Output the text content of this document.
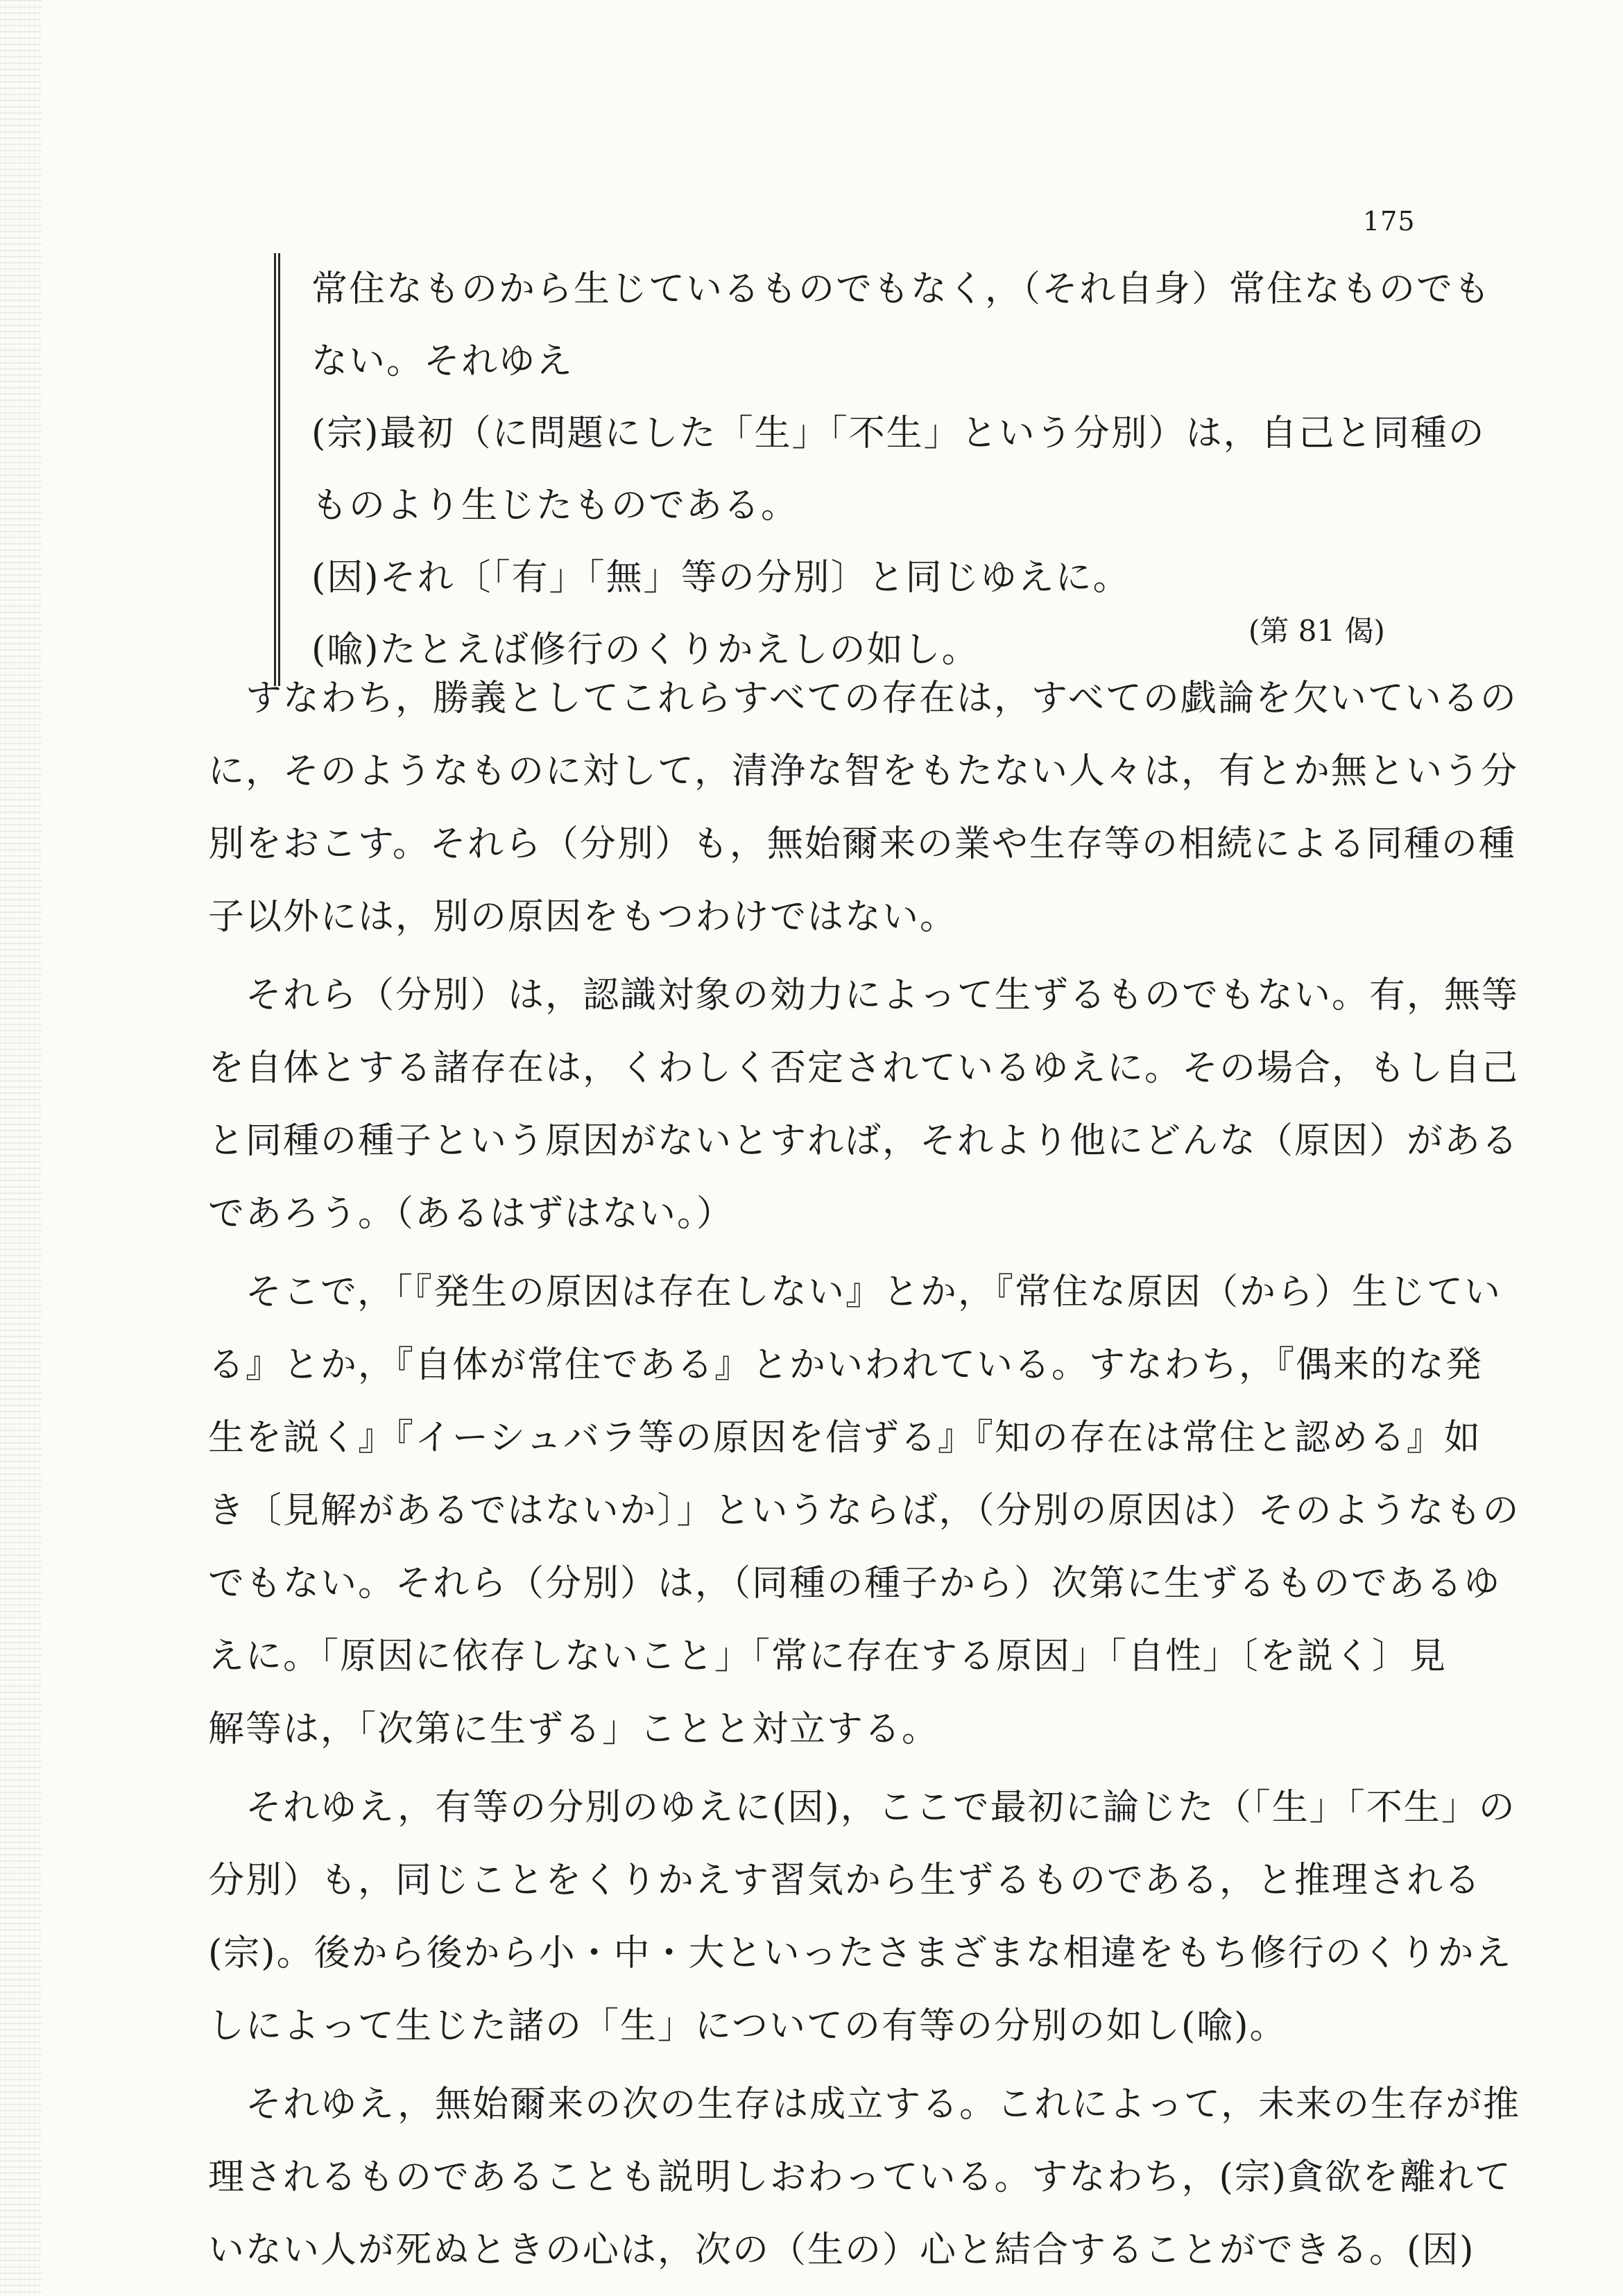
175
常住なものから生じているものでもなく，（それ自身）常住なものでも
ない。それゆえ
(宗)最初（に問題にした「生」「不生」という分別）は，自己と同種の
ものより生じたものである。
(因)それ〔「有」「無」等の分別〕と同じゆえに。
(喩)たとえば修行のくりかえしの如し。	(第 81 偈)
　すなわち，勝義としてこれらすべての存在は，すべての戯論を欠いているの
に，そのようなものに対して，清浄な智をもたない人々は，有とか無という分
別をおこす。それら（分別）も，無始爾来の業や生存等の相続による同種の種
子以外には，別の原因をもつわけではない。
　それら（分別）は，認識対象の効力によって生ずるものでもない。有，無等
を自体とする諸存在は，くわしく否定されているゆえに。その場合，もし自己
と同種の種子という原因がないとすれば，それより他にどんな（原因）がある
であろう。（あるはずはない。）
　そこで，「『発生の原因は存在しない』とか，『常住な原因（から）生じてい
る』とか，『自体が常住である』とかいわれている。すなわち，『偶来的な発
生を説く』『イーシュバラ等の原因を信ずる』『知の存在は常住と認める』如
き〔見解があるではないか〕」というならば，（分別の原因は）そのようなもの
でもない。それら（分別）は，（同種の種子から）次第に生ずるものであるゆ
えに。「原因に依存しないこと」「常に存在する原因」「自性」〔を説く〕見
解等は，「次第に生ずる」ことと対立する。
　それゆえ，有等の分別のゆえに(因)，ここで最初に論じた（「生」「不生」の
分別）も，同じことをくりかえす習気から生ずるものである，と推理される
(宗)。後から後から小・中・大といったさまざまな相違をもち修行のくりかえ
しによって生じた諸の「生」についての有等の分別の如し(喩)。
　それゆえ，無始爾来の次の生存は成立する。これによって，未来の生存が推
理されるものであることも説明しおわっている。すなわち，(宗)貪欲を離れて
いない人が死ぬときの心は，次の（生の）心と結合することができる。(因)
